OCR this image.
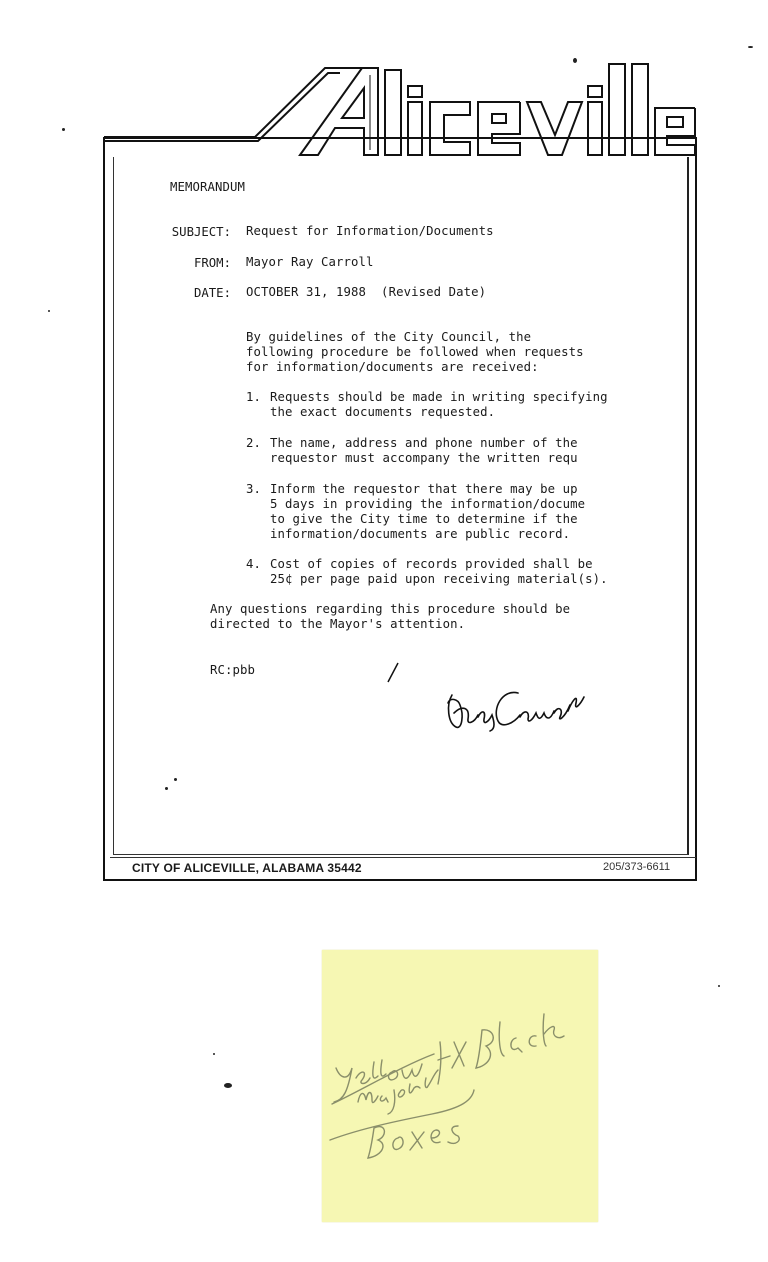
MEMORANDUM
SUBJECT: Request for Information/Documents
FROM: Mayor Ray Carroll
DATE: OCTOBER 31, 1988  (Revised Date)
By guidelines of the City Council, the
following procedure be followed when requests
for information/documents are received:
1. Requests should be made in writing specifying
the exact documents requested.
2. The name, address and phone number of the
requestor must accompany the written requ
3. Inform the requestor that there may be up
5 days in providing the information/docume
to give the City time to determine if the
information/documents are public record.
4. Cost of copies of records provided shall be
25¢ per page paid upon receiving material(s).
Any questions regarding this procedure should be
directed to the Mayor's attention.
RC:pbb
CITY OF ALICEVILLE, ALABAMA 35442	205/373-6611
